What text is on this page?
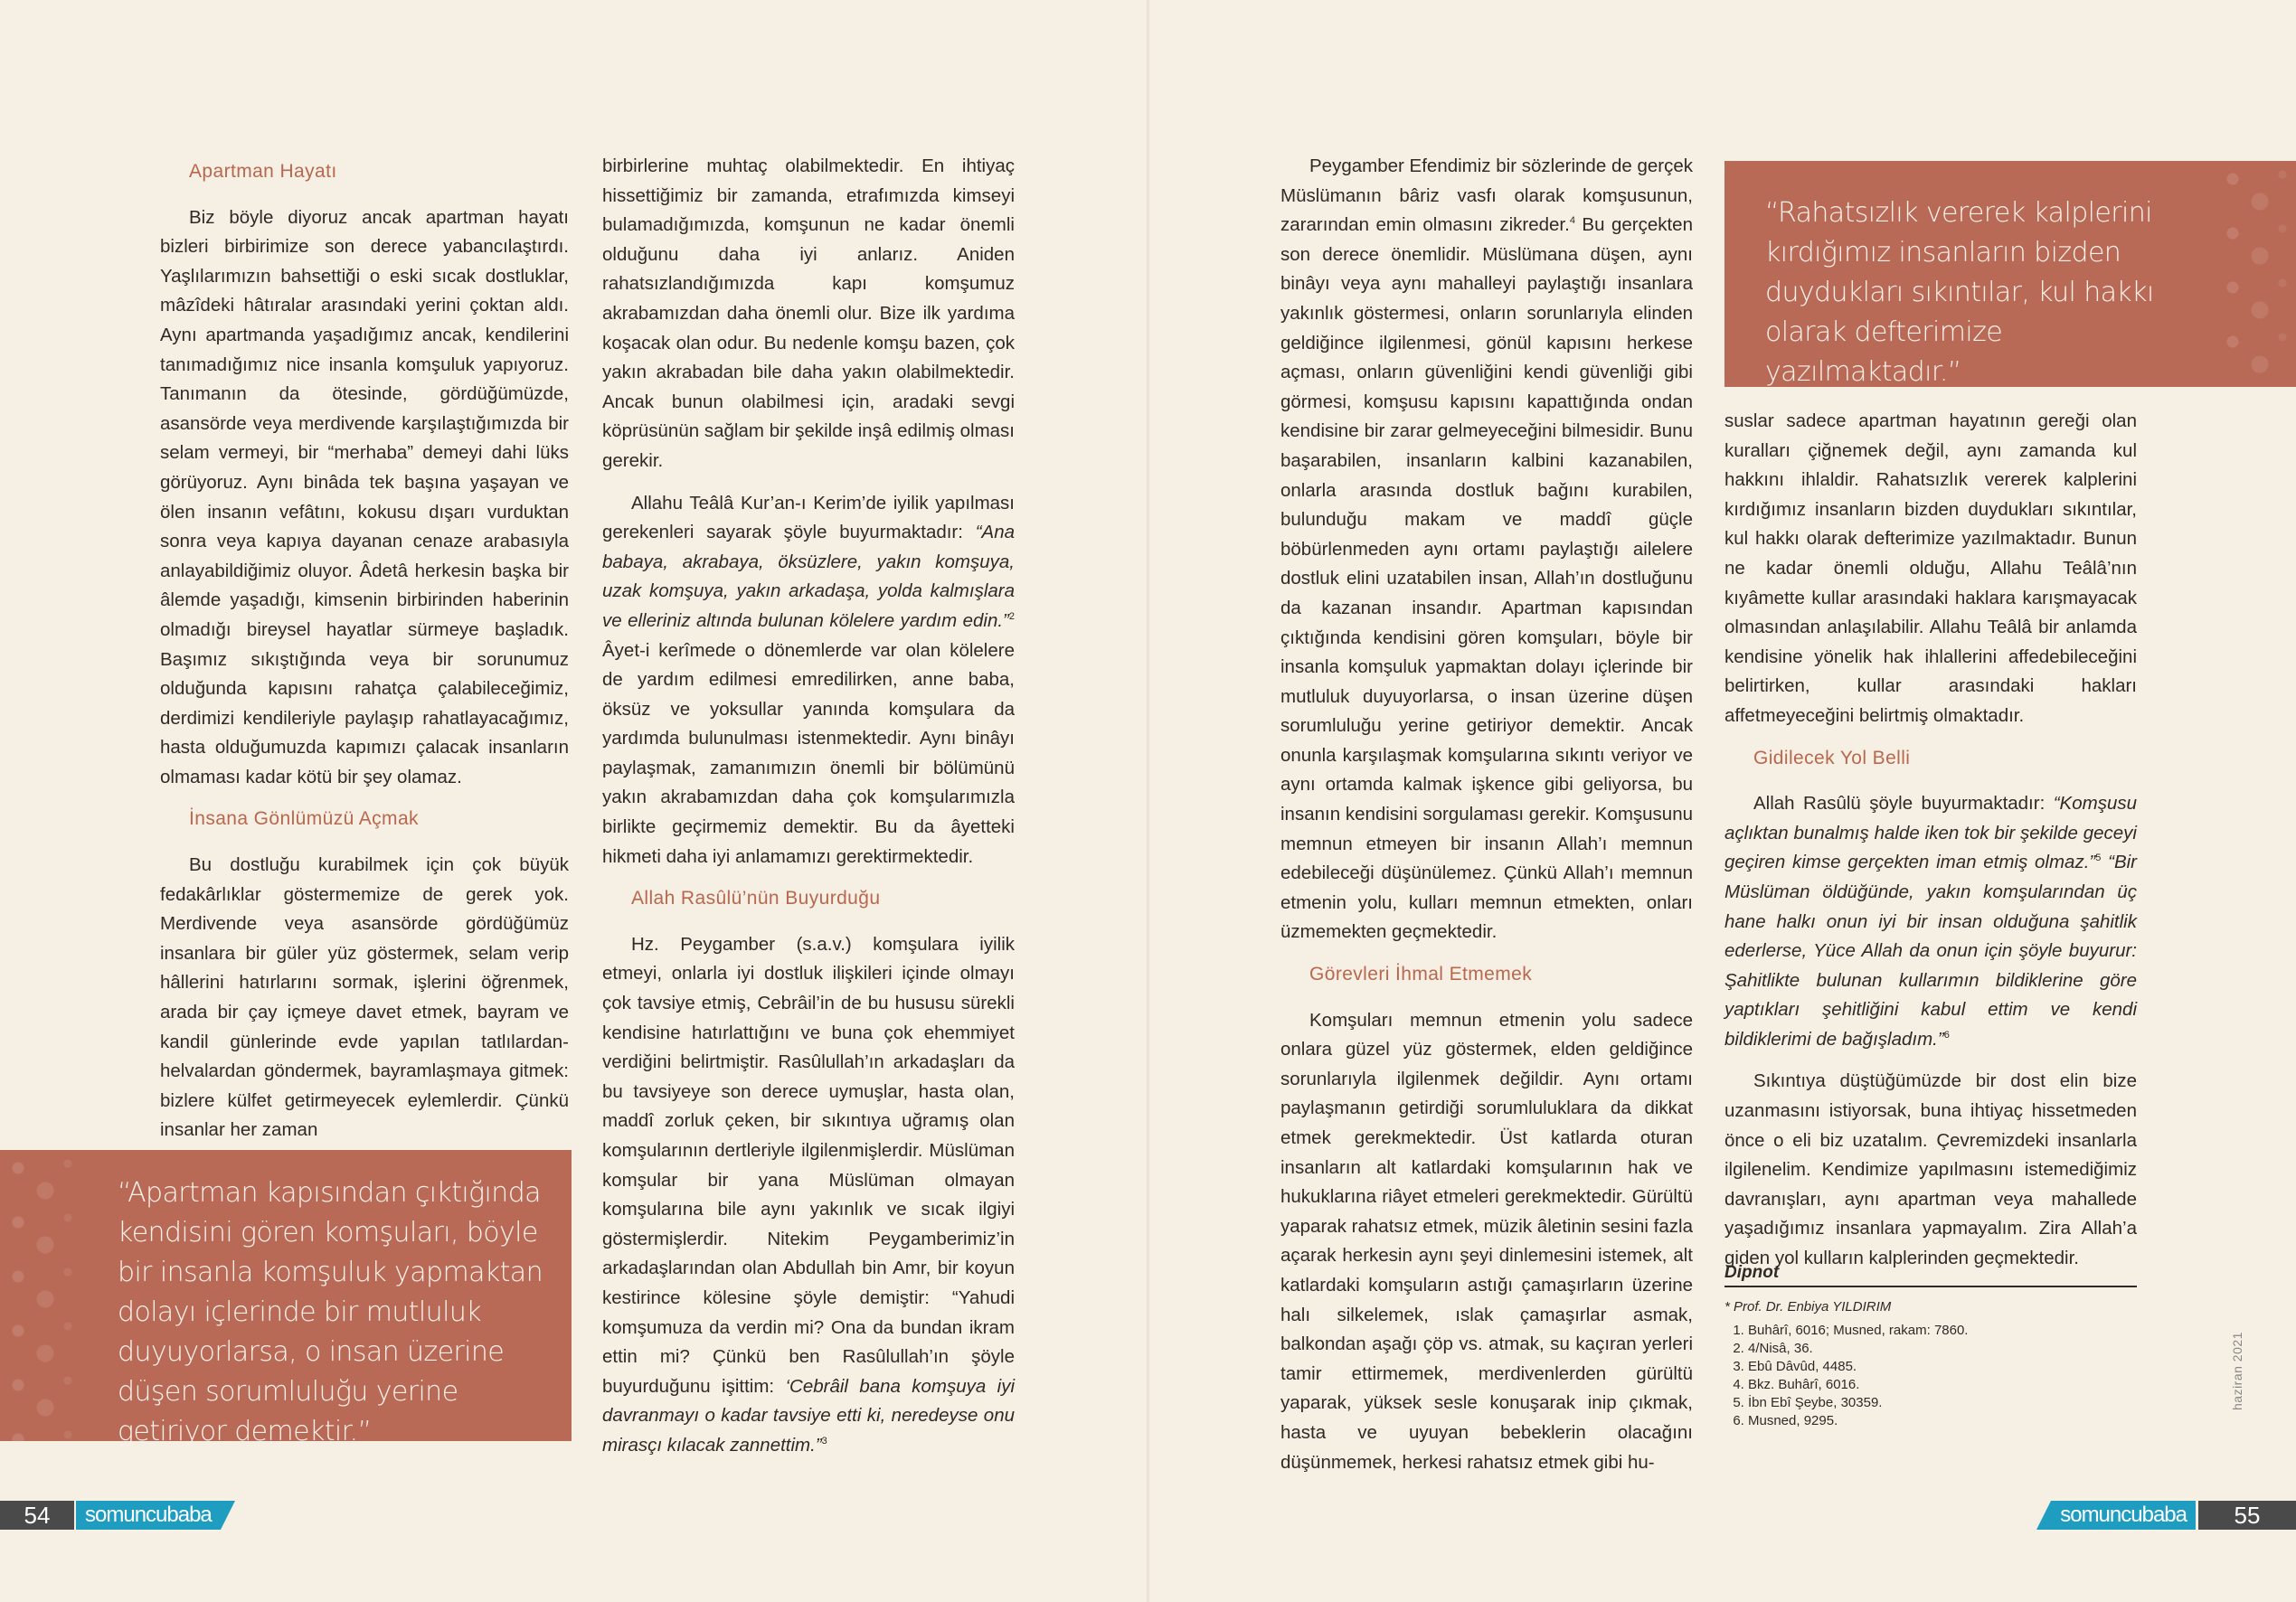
Apartman Hayatı

Biz böyle diyoruz ancak apartman hayatı bizleri birbirimize son derece yabancılaştırdı. Yaşlılarımızın bahsettiği o eski sıcak dostluklar, mâzîdeki hâtıralar arasındaki yerini çoktan aldı. Aynı apartmanda yaşadığımız ancak, kendilerini tanımadığımız nice insanla komşuluk yapıyoruz. Tanımanın da ötesinde, gördüğümüzde, asansörde veya merdivende karşılaştığımızda bir selam vermeyi, bir “merhaba” demeyi dahi lüks görüyoruz. Aynı binâda tek başına yaşayan ve ölen insanın vefâtını, kokusu dışarı vurduktan sonra veya kapıya dayanan cenaze arabasıyla anlayabildiğimiz oluyor. Âdetâ herkesin başka bir âlemde yaşadığı, kimsenin birbirinden haberinin olmadığı bireysel hayatlar sürmeye başladık. Başımız sıkıştığında veya bir sorunumuz olduğunda kapısını rahatça çalabileceğimiz, derdimizi kendileriyle paylaşıp rahatlayacağımız, hasta olduğumuzda kapımızı çalacak insanların olmaması kadar kötü bir şey olamaz.

İnsana Gönlümüzü Açmak

Bu dostluğu kurabilmek için çok büyük fedakârlıklar göstermemize de gerek yok. Merdivende veya asansörde gördüğümüz insanlara bir güler yüz göstermek, selam verip hâllerini hatırlarını sormak, işlerini öğrenmek, arada bir çay içmeye davet etmek, bayram ve kandil günlerinde evde yapılan tatlılardan-helvalardan göndermek, bayramlaşmaya gitmek: bizlere külfet getirmeyecek eylemlerdir. Çünkü insanlar her zaman

birbirlerine muhtaç olabilmektedir. En ihtiyaç hissettiğimiz bir zamanda, etrafımızda kimseyi bulamadığımızda, komşunun ne kadar önemli olduğunu daha iyi anlarız. Aniden rahatsızlandığımızda kapı komşumuz akrabamızdan daha önemli olur. Bize ilk yardıma koşacak olan odur. Bu nedenle komşu bazen, çok yakın akrabadan bile daha yakın olabilmektedir. Ancak bunun olabilmesi için, aradaki sevgi köprüsünün sağlam bir şekilde inşâ edilmiş olması gerekir.

Allahu Teâlâ Kur’an-ı Kerim’de iyilik yapılması gerekenleri sayarak şöyle buyurmaktadır: “Ana babaya, akrabaya, öksüzlere, yakın komşuya, uzak komşuya, yakın arkadaşa, yolda kalmışlara ve elleriniz altında bulunan kölelere yardım edin.”$^2$ Âyet-i kerîmede o dönemlerde var olan kölelere de yardım edilmesi emredilirken, anne baba, öksüz ve yoksullar yanında komşulara da yardımda bulunulması istenmektedir. Aynı binâyı paylaşmak, zamanımızın önemli bir bölümünü yakın akrabamızdan daha çok komşularımızla birlikte geçirmemiz demektir. Bu da âyetteki hikmeti daha iyi anlamamızı gerektirmektedir.

Allah Rasûlü’nün Buyurduğu

Hz. Peygamber (s.a.v.) komşulara iyilik etmeyi, onlarla iyi dostluk ilişkileri içinde olmayı çok tavsiye etmiş, Cebrâil’in de bu hususu sürekli kendisine hatırlattığını ve buna çok ehemmiyet verdiğini belirtmiştir. Rasûlullah’ın arkadaşları da bu tavsiyeye son derece uymuşlar, hasta olan, maddî zorluk çeken, bir sıkıntıya uğramış olan komşularının dertleriyle ilgilenmişlerdir. Müslüman komşular bir yana Müslüman olmayan komşularına bile aynı yakınlık ve sıcak ilgiyi göstermişlerdir. Nitekim Peygamberimiz’in arkadaşlarından olan Abdullah bin Amr, bir koyun kestirince kölesine şöyle demiştir: “Yahudi komşumuza da verdin mi? Ona da bundan ikram ettin mi? Çünkü ben Rasûlullah’ın şöyle buyurduğunu işittim: ‘Cebrâil bana komşuya iyi davranmayı o kadar tavsiye etti ki, neredeyse onu mirasçı kılacak zannettim.”$^3$

“Apartman kapısından çıktığında kendisini gören komşuları, böyle bir insanla komşuluk yapmaktan dolayı içlerinde bir mutluluk duyuyorlarsa, o insan üzerine düşen sorumluluğu yerine getiriyor demektir.”
“Rahatsızlık vererek kalplerini kırdığımız insanların bizden duydukları sıkıntılar, kul hakkı olarak defterimize yazılmaktadır.”

Peygamber Efendimiz bir sözlerinde de gerçek Müslümanın bâriz vasfı olarak komşusunun, zararından emin olmasını zikreder.$^4$ Bu gerçekten son derece önemlidir. Müslümana düşen, aynı binâyı veya aynı mahalleyi paylaştığı insanlara yakınlık göstermesi, onların sorunlarıyla elinden geldiğince ilgilenmesi, gönül kapısını herkese açması, onların güvenliğini kendi güvenliği gibi görmesi, komşusu kapısını kapattığında ondan kendisine bir zarar gelmeyeceğini bilmesidir. Bunu başarabilen, insanların kalbini kazanabilen, onlarla arasında dostluk bağını kurabilen, bulunduğu makam ve maddî güçle böbürlenmeden aynı ortamı paylaştığı ailelere dostluk elini uzatabilen insan, Allah’ın dostluğunu da kazanan insandır. Apartman kapısından çıktığında kendisini gören komşuları, böyle bir insanla komşuluk yapmaktan dolayı içlerinde bir mutluluk duyuyorlarsa, o insan üzerine düşen sorumluluğu yerine getiriyor demektir. Ancak onunla karşılaşmak komşularına sıkıntı veriyor ve aynı ortamda kalmak işkence gibi geliyorsa, bu insanın kendisini sorgulaması gerekir. Komşusunu memnun etmeyen bir insanın Allah’ı memnun edebileceği düşünülemez. Çünkü Allah’ı memnun etmenin yolu, kulları memnun etmekten, onları üzmemekten geçmektedir.

Görevleri İhmal Etmemek

Komşuları memnun etmenin yolu sadece onlara güzel yüz göstermek, elden geldiğince sorunlarıyla ilgilenmek değildir. Aynı ortamı paylaşmanın getirdiği sorumluluklara da dikkat etmek gerekmektedir. Üst katlarda oturan insanların alt katlardaki komşularının hak ve hukuklarına riâyet etmeleri gerekmektedir. Gürültü yaparak rahatsız etmek, müzik âletinin sesini fazla açarak herkesin aynı şeyi dinlemesini istemek, alt katlardaki komşuların astığı çamaşırların üzerine halı silkelemek, ıslak çamaşırlar asmak, balkondan aşağı çöp vs. atmak, su kaçıran yerleri tamir ettirmemek, merdivenlerden gürültü yaparak, yüksek sesle konuşarak inip çıkmak, hasta ve uyuyan bebeklerin olacağını düşünmemek, herkesi rahatsız etmek gibi hu-

suslar sadece apartman hayatının gereği olan kuralları çiğnemek değil, aynı zamanda kul hakkını ihlaldir. Rahatsızlık vererek kalplerini kırdığımız insanların bizden duydukları sıkıntılar, kul hakkı olarak defterimize yazılmaktadır. Bunun ne kadar önemli olduğu, Allahu Teâlâ’nın kıyâmette kullar arasındaki haklara karışmayacak olmasından anlaşılabilir. Allahu Teâlâ bir anlamda kendisine yönelik hak ihlallerini affedebileceğini belirtirken, kullar arasındaki hakları affetmeyeceğini belirtmiş olmaktadır.

Gidilecek Yol Belli

Allah Rasûlü şöyle buyurmaktadır: “Komşusu açlıktan bunalmış halde iken tok bir şekilde geceyi geçiren kimse gerçekten iman etmiş olmaz.”$^5$ “Bir Müslüman öldüğünde, yakın komşularından üç hane halkı onun iyi bir insan olduğuna şahitlik ederlerse, Yüce Allah da onun için şöyle buyurur: Şahitlikte bulunan kullarımın bildiklerine göre yaptıkları şehitliğini kabul ettim ve kendi bildiklerimi de bağışladım.”$^6$

Sıkıntıya düştüğümüzde bir dost elin bize uzanmasını istiyorsak, buna ihtiyaç hissetmeden önce o eli biz uzatalım. Çevremizdeki insanlarla ilgilenelim. Kendimize yapılmasını istemediğimiz davranışları, aynı apartman veya mahallede yaşadığımız insanlara yapmayalım. Zira Allah’a giden yol kulların kalplerinden geçmektedir.

Dipnot
* Prof. Dr. Enbiya YILDIRIM
1. Buhârî, 6016; Musned, rakam: 7860.
2. 4/Nisâ, 36.
3. Ebû Dâvûd, 4485.
4. Bkz. Buhârî, 6016.
5. İbn Ebî Şeybe, 30359.
6. Musned, 9295.
haziran 2021
54	somuncubaba	somuncubaba	55
